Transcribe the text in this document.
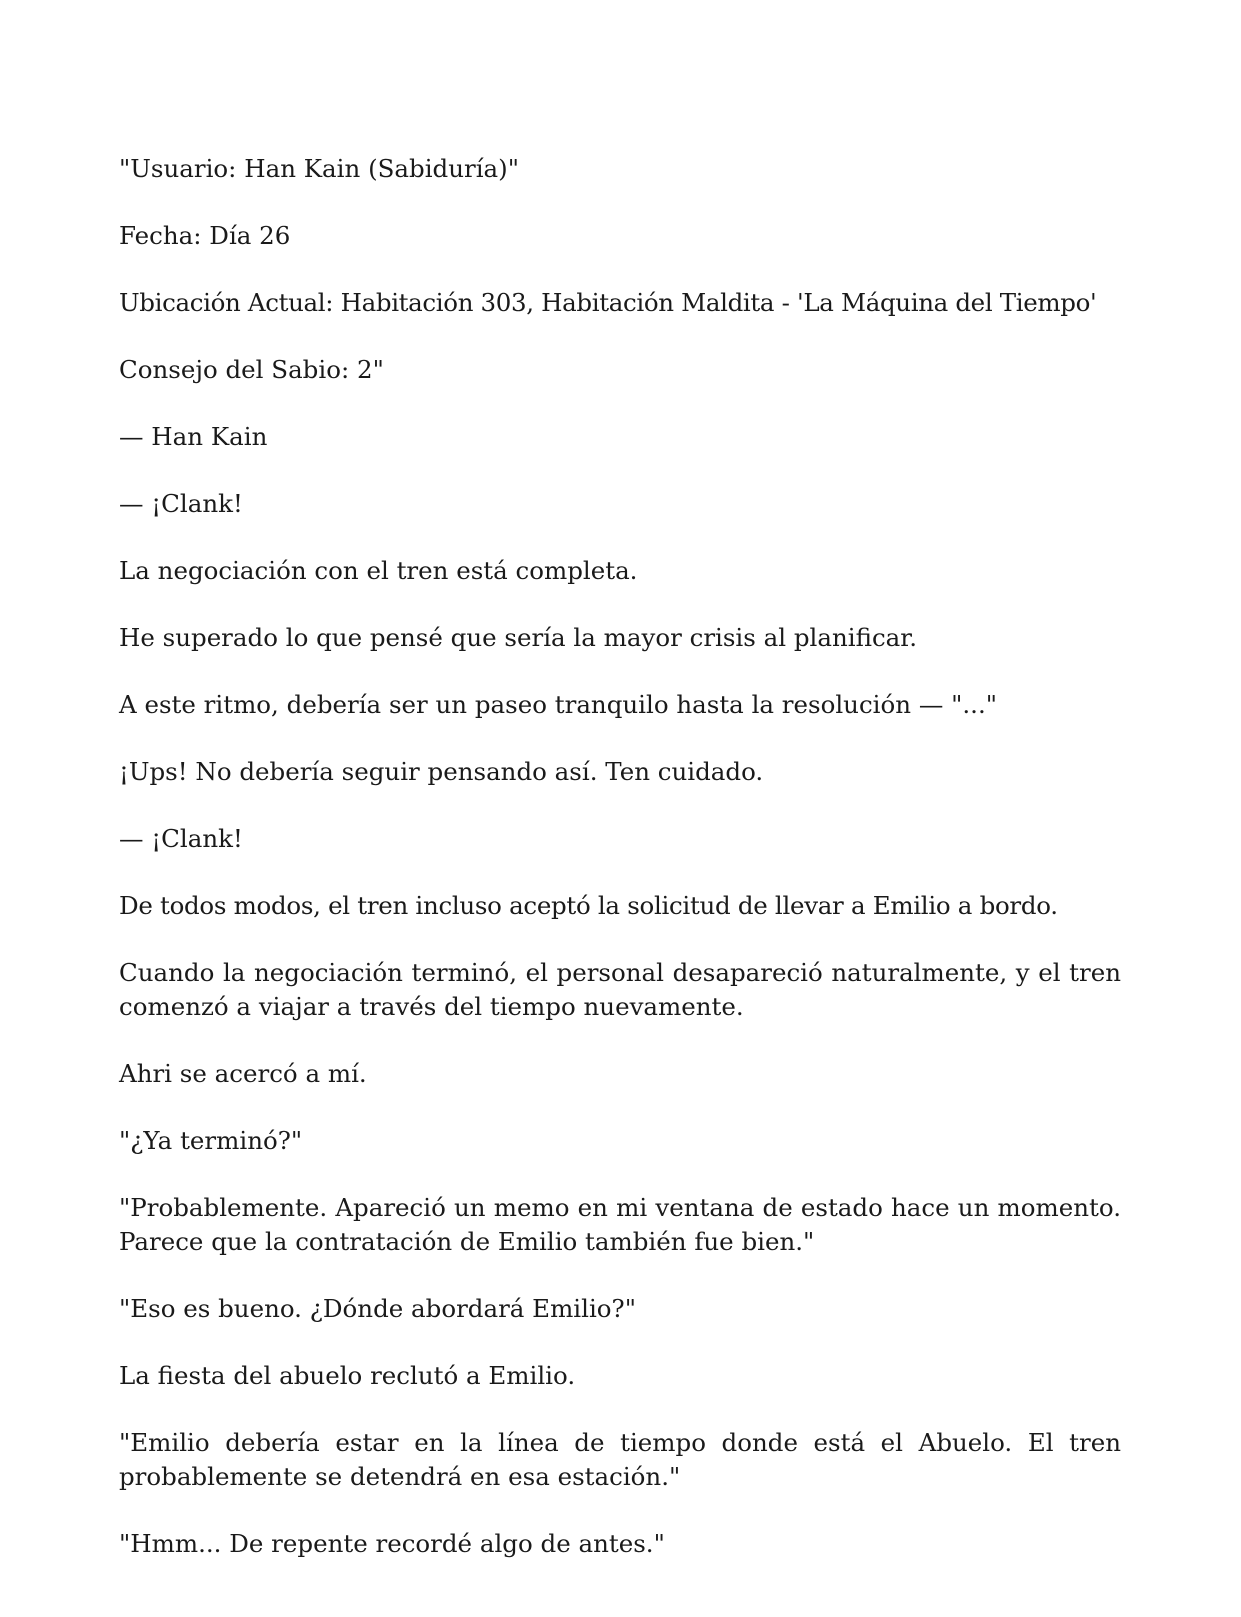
"Usuario: Han Kain (Sabiduría)"

Fecha: Día 26

Ubicación Actual: Habitación 303, Habitación Maldita - 'La Máquina del Tiempo'

Consejo del Sabio: 2"

— Han Kain

— ¡Clank!

La negociación con el tren está completa.

He superado lo que pensé que sería la mayor crisis al planificar.

A este ritmo, debería ser un paseo tranquilo hasta la resolución — "..."

¡Ups! No debería seguir pensando así. Ten cuidado.

— ¡Clank!

De todos modos, el tren incluso aceptó la solicitud de llevar a Emilio a bordo.

Cuando la negociación terminó, el personal desapareció naturalmente, y el tren comenzó a viajar a través del tiempo nuevamente.

Ahri se acercó a mí.

"¿Ya terminó?"

"Probablemente. Apareció un memo en mi ventana de estado hace un momento. Parece que la contratación de Emilio también fue bien."

"Eso es bueno. ¿Dónde abordará Emilio?"

La fiesta del abuelo reclutó a Emilio.

"Emilio debería estar en la línea de tiempo donde está el Abuelo. El tren probablemente se detendrá en esa estación."

"Hmm... De repente recordé algo de antes."
